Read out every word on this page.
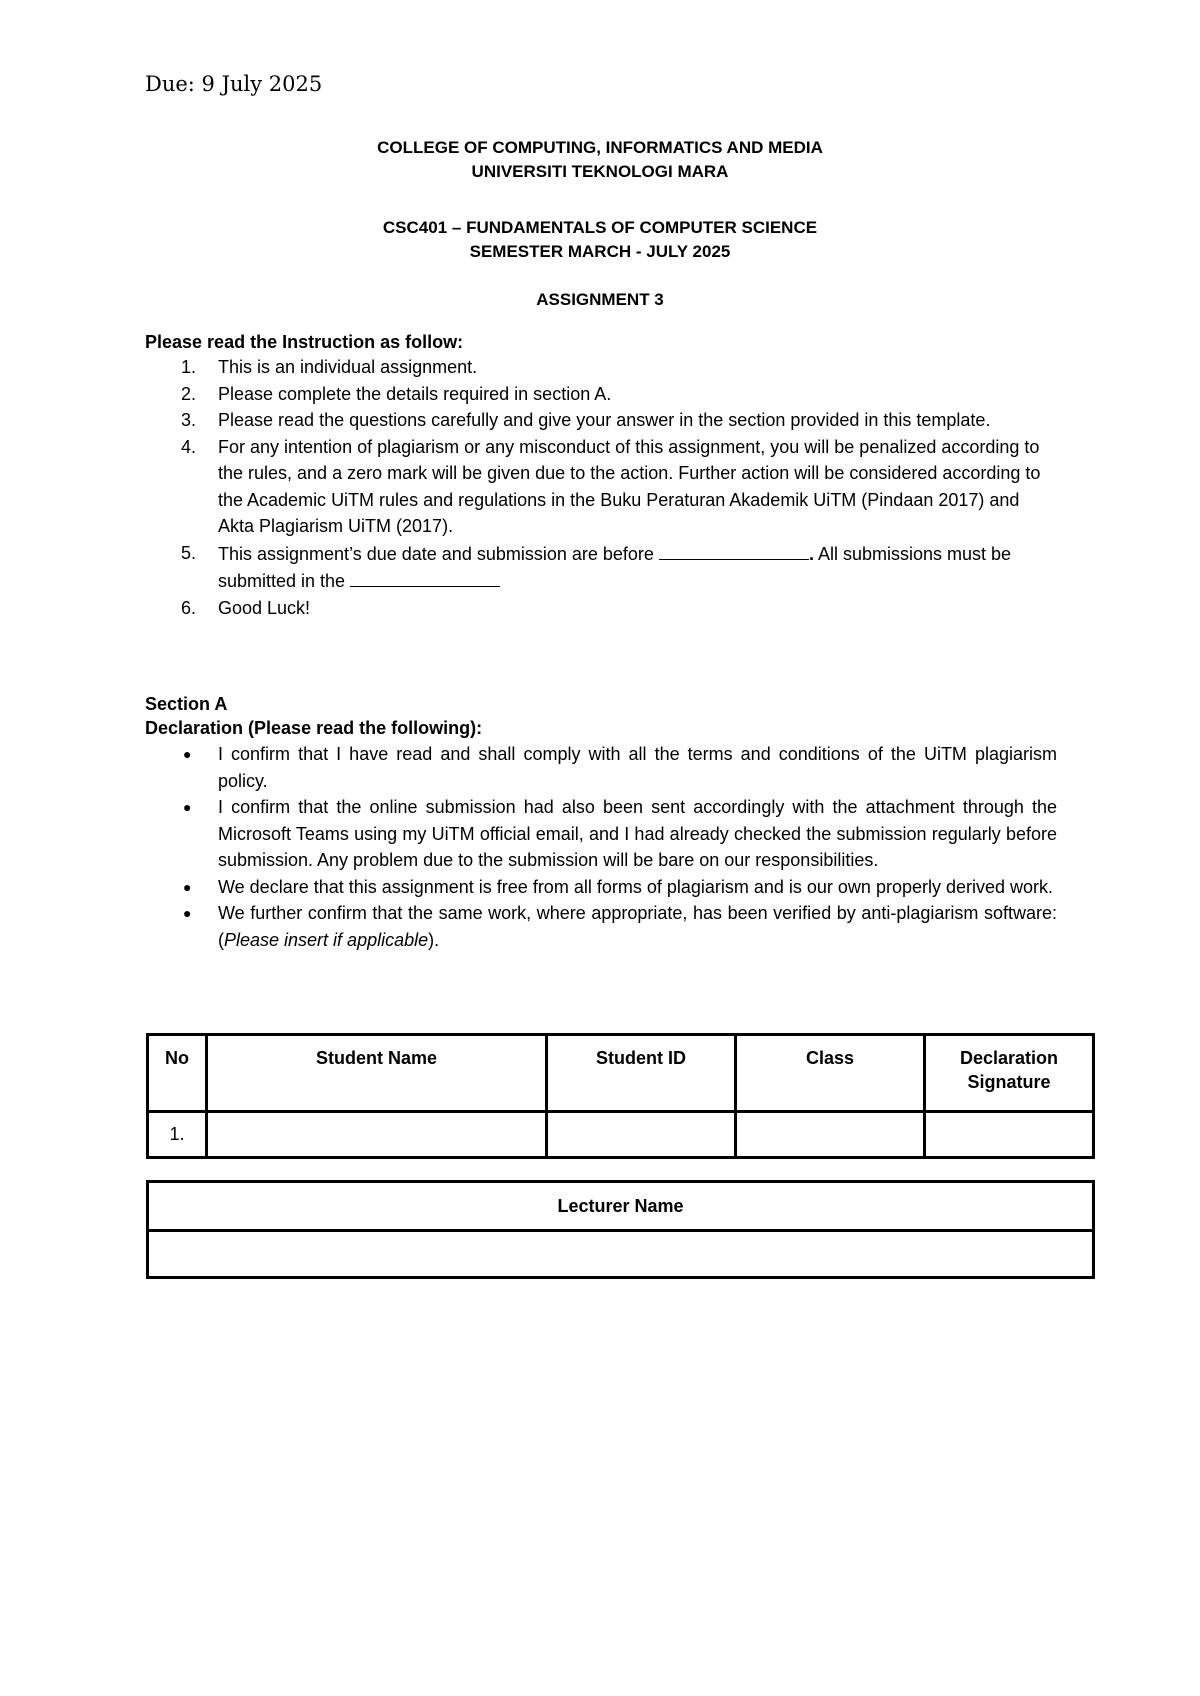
Due: 9 July 2025
COLLEGE OF COMPUTING, INFORMATICS AND MEDIA
UNIVERSITI TEKNOLOGI MARA
CSC401 – FUNDAMENTALS OF COMPUTER SCIENCE
SEMESTER MARCH - JULY 2025
ASSIGNMENT 3
Please read the Instruction as follow:
1. This is an individual assignment.
2. Please complete the details required in section A.
3. Please read the questions carefully and give your answer in the section provided in this template.
4. For any intention of plagiarism or any misconduct of this assignment, you will be penalized according to the rules, and a zero mark will be given due to the action. Further action will be considered according to the Academic UiTM rules and regulations in the Buku Peraturan Akademik UiTM (Pindaan 2017) and Akta Plagiarism UiTM (2017).
5. This assignment’s due date and submission are before	. All submissions must be submitted in the
6. Good Luck!
Section A
Declaration (Please read the following):
● I confirm that I have read and shall comply with all the terms and conditions of the UiTM plagiarism policy.
● I confirm that the online submission had also been sent accordingly with the attachment through the Microsoft Teams using my UiTM official email, and I had already checked the submission regularly before submission. Any problem due to the submission will be bare on our responsibilities.
● We declare that this assignment is free from all forms of plagiarism and is our own properly derived work.
● We further confirm that the same work, where appropriate, has been verified by anti-plagiarism software: (Please insert if applicable).
No	Student Name	Student ID	Class	Declaration Signature
1.				
Lecturer Name
